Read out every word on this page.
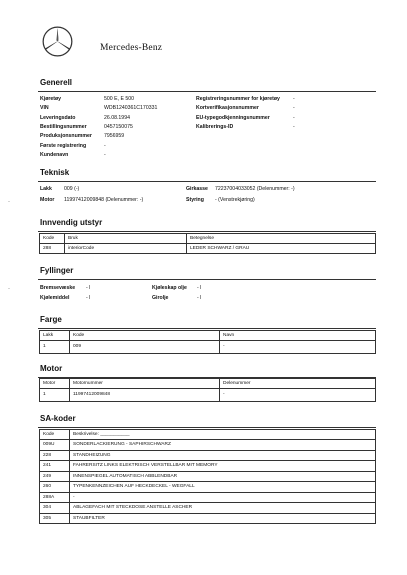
Mercedes-Benz
Generell
Kjøretøy	500 E, E 500
VIN	WDB1240361C170331
Leveringsdato	26.08.1994
Bestillingsnummer	0457150075
Produksjonsnummer 7956959
Første registrering	-
Kundenavn	-
Registreringsnummer for kjøretøy	-
Kortverifikasjonsnummer	-
EU-typegodkjenningsnummer	-
Kalibrerings-ID	-
Teknisk
Lakk 009 (-)
Motor 11997412009848 (Delenummer: -)
Girkasse 72237004033052 (Delenummer: -)
Styring - (Venstrekjøring)
·
Innvendig utstyr
Kode	Bruk	Betegnelse
288	interiorCode	LEDER SCHWARZ / GRAU
Fyllinger
Bremsevæske - l
Kjølemiddel	- l
Kjøleskap olje - l
Girolje	- l
·
Farge
Lakk	Kode	Navn
1	009	-
Motor
Motor	Motornummer	Delenummer
1	11997412009848	-
SA-koder
Kode	Beskrivelse: ___________
009U	SONDERLACKIERUNG - SAPHIRSCHWARZ
228	STANDHEIZUNG
241	FAHRERSITZ LINKS ELEKTRISCH VERSTELLBAR MIT MEMORY
249	INNENSPIEGEL AUTOMATISCH ABBLENDBAR
260	TYPENKENNZEICHEN AUF HECKDECKEL - WEGFALL
288A	-
304	ABLAGEFACH MIT STECKDOSE ANSTELLE ASCHER
305	STAUBFILTER
